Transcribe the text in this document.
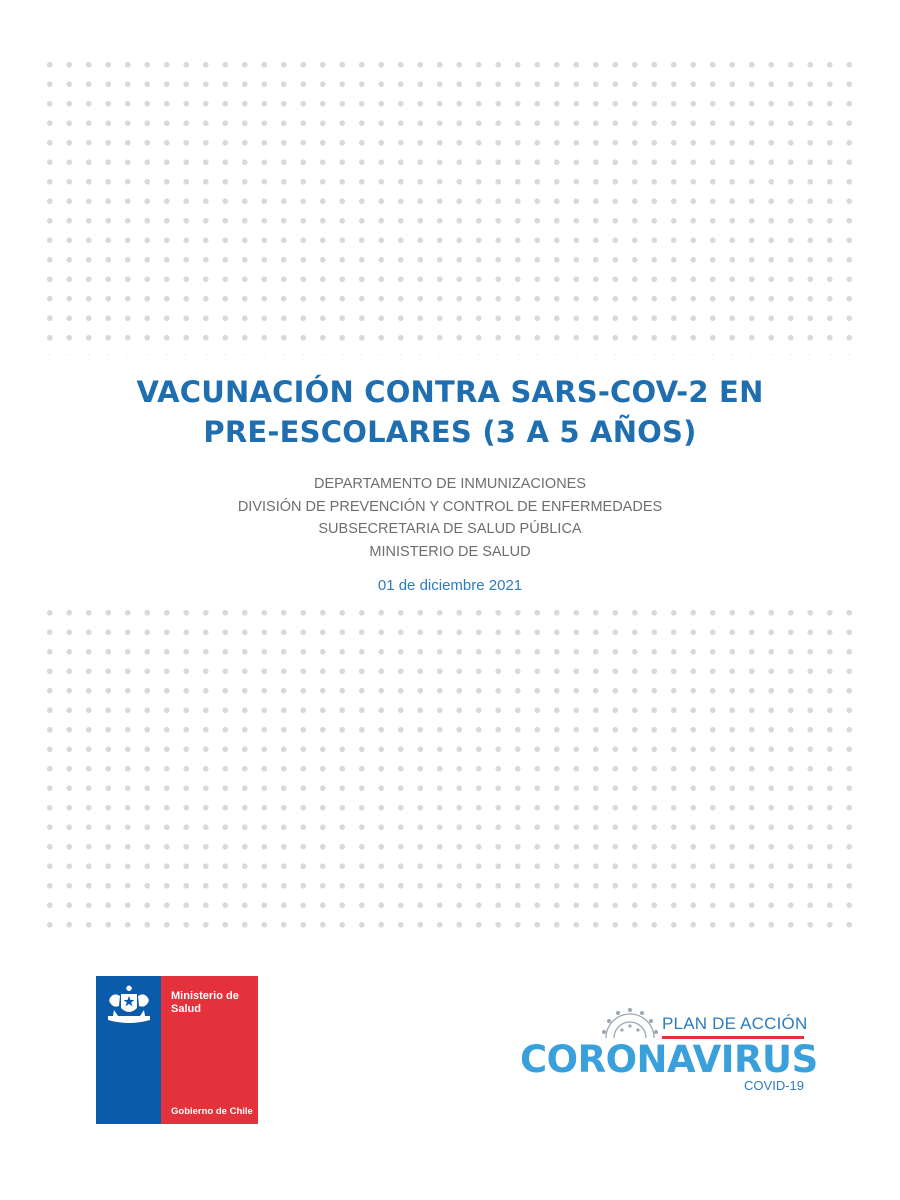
VACUNACIÓN CONTRA SARS-COV-2 EN
PRE-ESCOLARES (3 A 5 AÑOS)
DEPARTAMENTO DE INMUNIZACIONES
DIVISIÓN DE PREVENCIÓN Y CONTROL DE ENFERMEDADES
SUBSECRETARIA DE SALUD PÚBLICA
MINISTERIO DE SALUD
01 de diciembre 2021
Ministerio de
Salud
Gobierno de Chile
PLAN DE ACCIÓN
CORONAVIRUS
COVID-19
